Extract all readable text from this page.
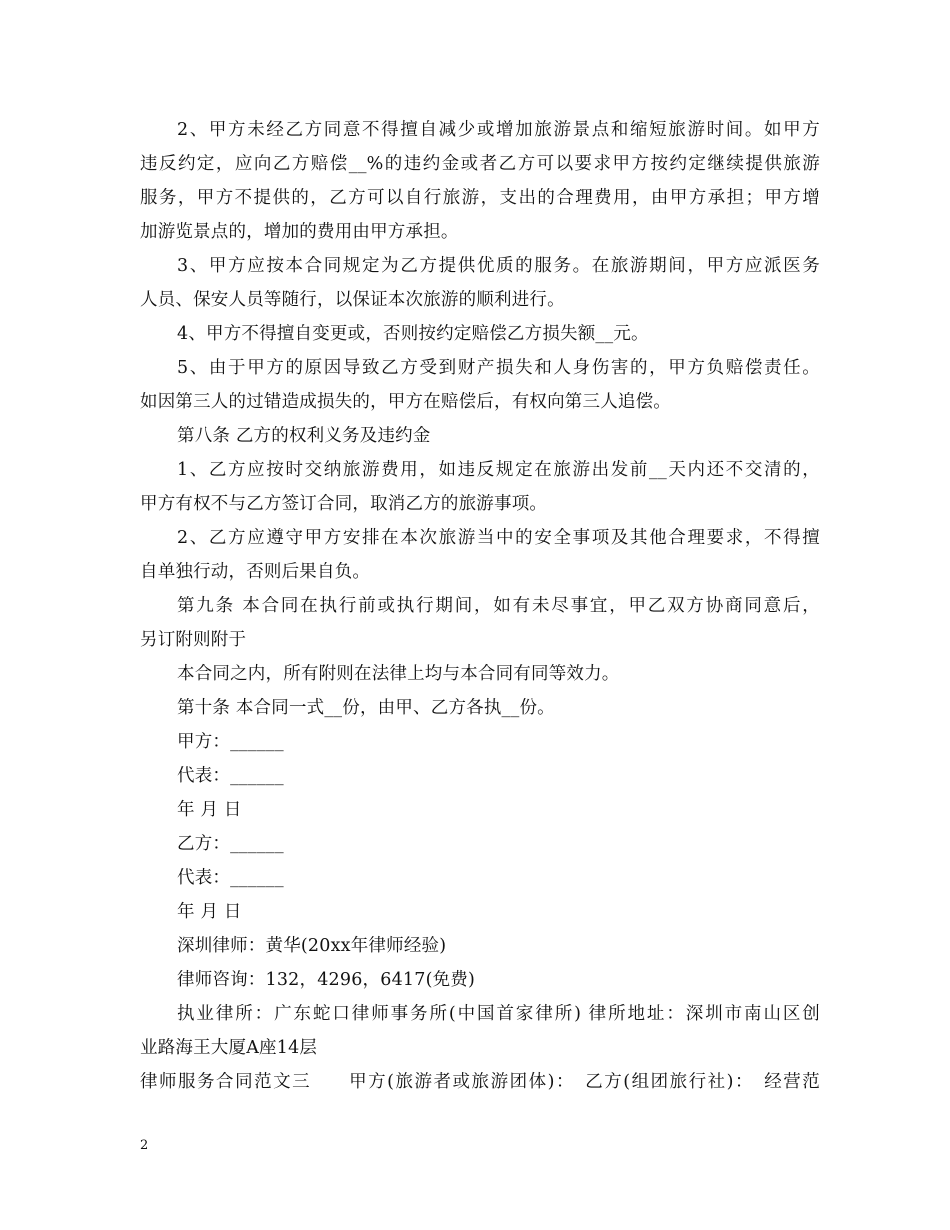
2、甲方未经乙方同意不得擅自减少或增加旅游景点和缩短旅游时间。如甲方
违反约定，应向乙方赔偿__%的违约金或者乙方可以要求甲方按约定继续提供旅游
服务，甲方不提供的，乙方可以自行旅游，支出的合理费用，由甲方承担；甲方增
加游览景点的，增加的费用由甲方承担。
3、甲方应按本合同规定为乙方提供优质的服务。在旅游期间，甲方应派医务
人员、保安人员等随行，以保证本次旅游的顺利进行。
4、甲方不得擅自变更或，否则按约定赔偿乙方损失额__元。
5、由于甲方的原因导致乙方受到财产损失和人身伤害的，甲方负赔偿责任。
如因第三人的过错造成损失的，甲方在赔偿后，有权向第三人追偿。
第八条 乙方的权利义务及违约金
1、乙方应按时交纳旅游费用，如违反规定在旅游出发前__天内还不交清的，
甲方有权不与乙方签订合同，取消乙方的旅游事项。
2、乙方应遵守甲方安排在本次旅游当中的安全事项及其他合理要求，不得擅
自单独行动，否则后果自负。
第九条 本合同在执行前或执行期间，如有未尽事宜，甲乙双方协商同意后，
另订附则附于
本合同之内，所有附则在法律上均与本合同有同等效力。
第十条 本合同一式__份，由甲、乙方各执__份。
甲方：______
代表：______
年 月 日
乙方：______
代表：______
年 月 日
深圳律师：黄华(20xx年律师经验)
律师咨询：132，4296，6417(免费)
执业律所：广东蛇口律师事务所(中国首家律所) 律所地址：深圳市南山区创
业路海王大厦A座14层
律师服务合同范文三　　甲方(旅游者或旅游团体)：　乙方(组团旅行社)：　经营范
2
